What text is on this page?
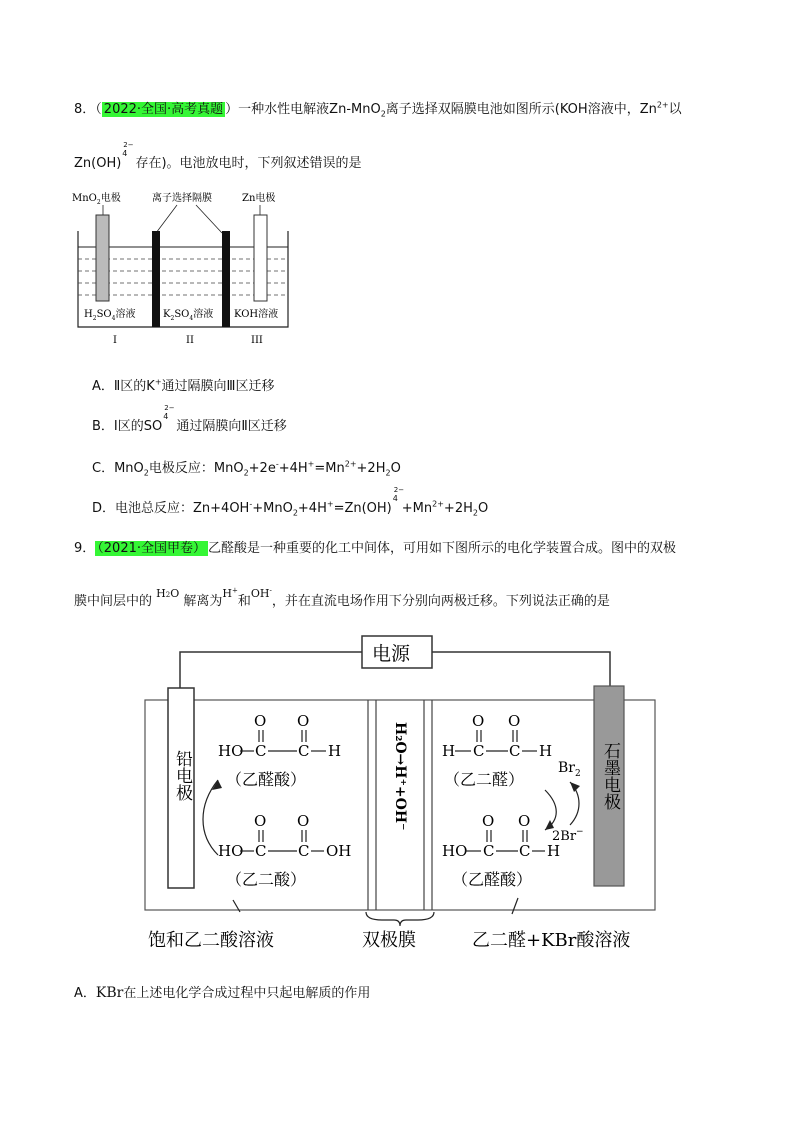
8．（ 2022·全国·高考真题 ）一种水性电解液Zn-MnO$_2$离子选择双隔膜电池如图所示(KOH溶液中，$Zn^{2+}$以
Zn(OH)
2−
4
存在)。电池放电时，下列叙述错误的是
MnO$_2$电极	离子选择隔膜	Zn电极
$H_2SO_4$溶液	$K_2SO_4$溶液 KOH溶液
I	II	III
A．Ⅱ区的K+通过隔膜向Ⅲ区迁移
B．Ⅰ区的SO
2−
4
通过隔膜向Ⅱ区迁移
C．MnO$_2$电极反应：$MnO_2+2e^-+4H^+=Mn^{2+}+2H_2O$
D．电池总反应：Zn+4OH-+MnO$_2$+4H+=Zn(OH)
2−
4
$+Mn^{2+}+2H_2O$
9． （2021·全国甲卷） 乙醛酸是一种重要的化工中间体，可用如下图所示的电化学装置合成。图中的双极
膜中间层中的 $^{H2O}$ 解离为$^{H^+}$和$^{OH^-}$，并在直流电场作用下分别向两极迁移。下列说法正确的是
电源
铅电极	石墨电极
H₂O→H⁺+OH⁻
O O
HO C C H
（乙醛酸）
O O
HO C C OH
（乙二酸）
O O
H C C H
（乙二醛）
$Br_2$
2Br−
O O
HO C C H
（乙醛酸）
饱和乙二酸溶液	双极膜	乙二醛+KBr酸溶液
A．KBr在上述电化学合成过程中只起电解质的作用
